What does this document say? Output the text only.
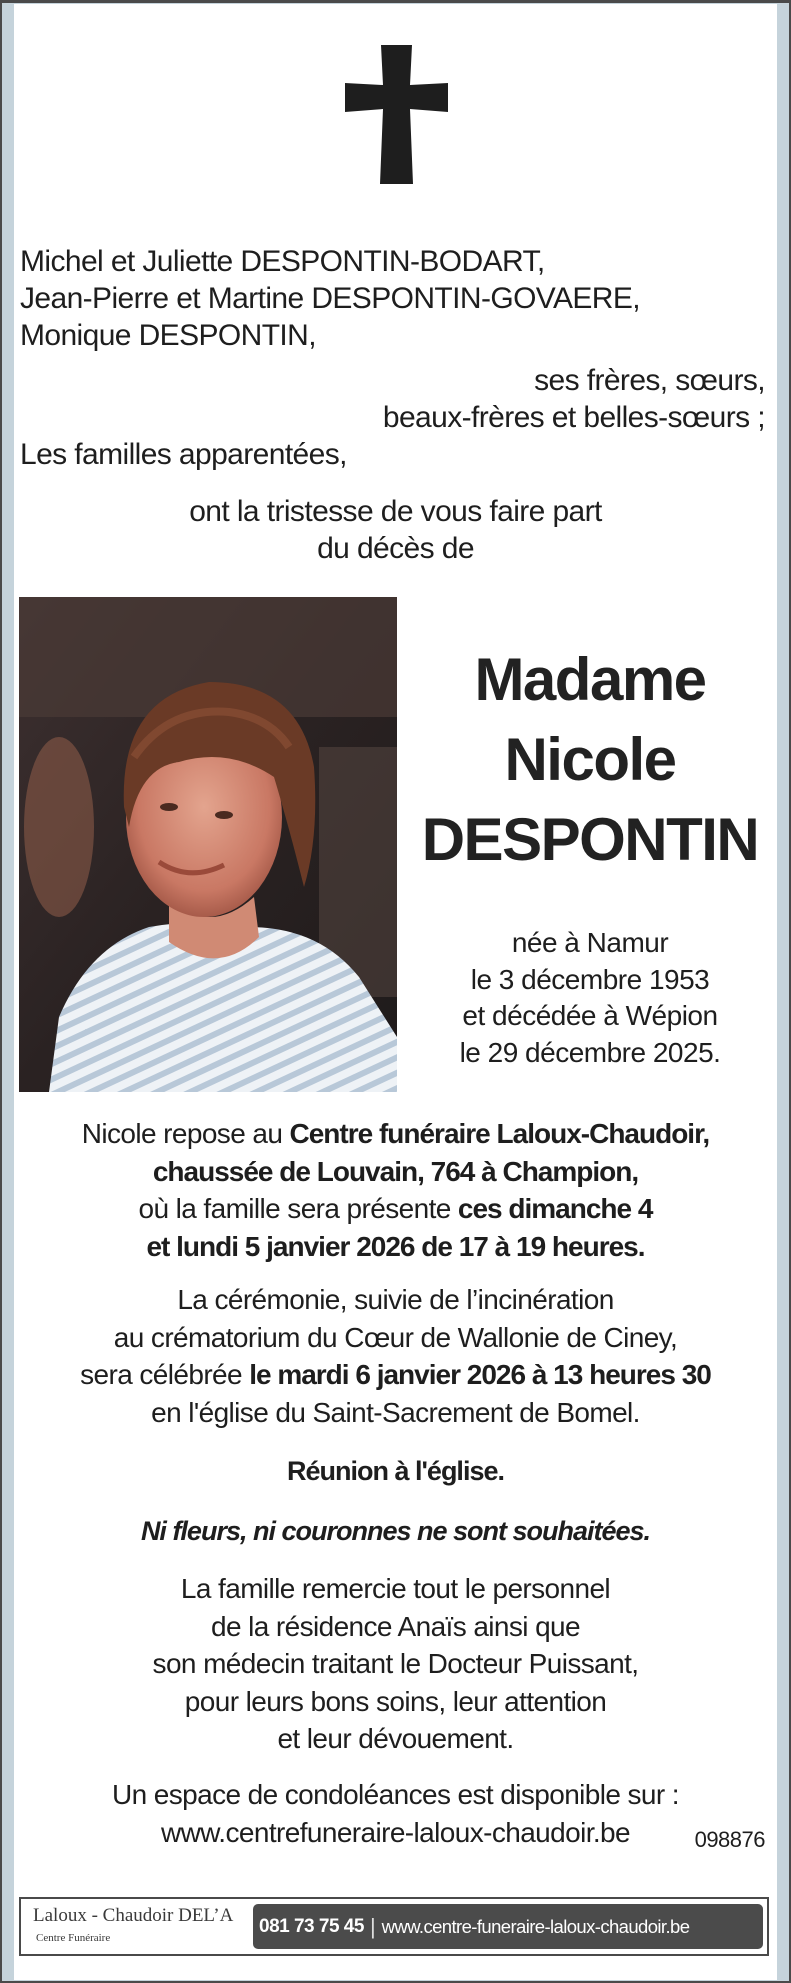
Michel et Juliette DESPONTIN-BODART,
Jean-Pierre et Martine DESPONTIN-GOVAERE,
Monique DESPONTIN,
ses frères, sœurs,
beaux-frères et belles-sœurs ;
Les familles apparentées,
ont la tristesse de vous faire part
du décès de
Madame
Nicole
DESPONTIN
née à Namur
le 3 décembre 1953
et décédée à Wépion
le 29 décembre 2025.
Nicole repose au Centre funéraire Laloux-Chaudoir,
chaussée de Louvain, 764 à Champion,
où la famille sera présente ces dimanche 4
et lundi 5 janvier 2026 de 17 à 19 heures.
La cérémonie, suivie de l’incinération
au crématorium du Cœur de Wallonie de Ciney,
sera célébrée le mardi 6 janvier 2026 à 13 heures 30
en l'église du Saint-Sacrement de Bomel.
Réunion à l'église.
Ni fleurs, ni couronnes ne sont souhaitées.
La famille remercie tout le personnel
de la résidence Anaïs ainsi que
son médecin traitant le Docteur Puissant,
pour leurs bons soins, leur attention
et leur dévouement.
Un espace de condoléances est disponible sur :
www.centrefuneraire-laloux-chaudoir.be	098876
Laloux - Chaudoir DEL’A
Centre Funéraire
081 73 75 45 | www.centre-funeraire-laloux-chaudoir.be
